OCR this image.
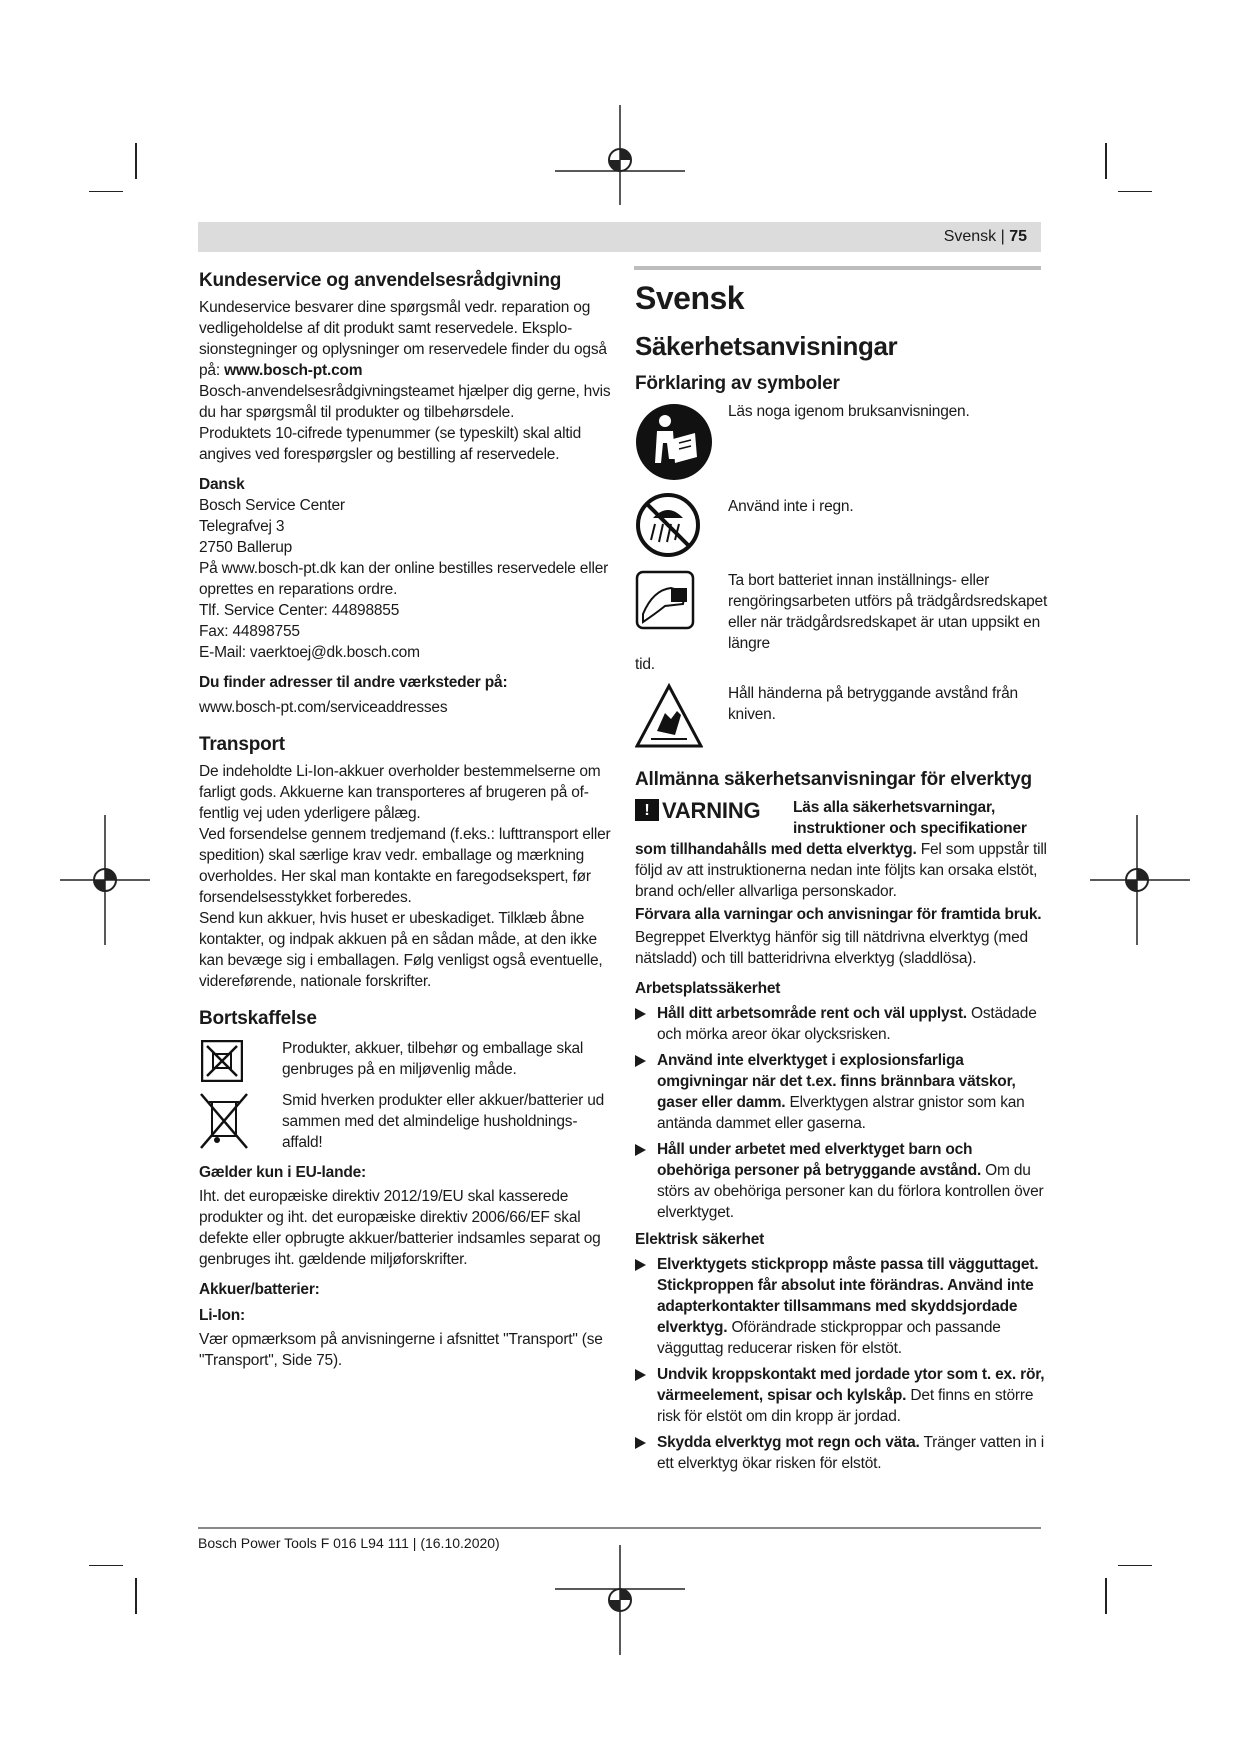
Svensk | 75

Kundeservice og anvendelsesrådgivning

Kundeservice besvarer dine spørgsmål vedr. reparation og vedligeholdelse af dit produkt samt reservedele. Eksplosionstegninger og oplysninger om reservedele finder du også på: www.bosch-pt.com

Bosch-anvendelsesrådgivningsteamet hjælper dig gerne, hvis du har spørgsmål til produkter og tilbehørsdele.

Produktets 10-cifrede typenummer (se typeskilt) skal altid angives ved forespørgsler og bestilling af reservedele.

Dansk

Bosch Service Center

Telegrafvej 3

2750 Ballerup

På www.bosch-pt.dk kan der online bestilles reservedele eller oprettes en reparations ordre.

Tlf. Service Center: 44898855

Fax: 44898755

E-Mail: vaerktoej@dk.bosch.com

Du finder adresser til andre værksteder på:

www.bosch-pt.com/serviceaddresses

Transport

De indeholdte Li-Ion-akkuer overholder bestemmelserne om farligt gods. Akkuerne kan transporteres af brugeren på offentlig vej uden yderligere pålæg.

Ved forsendelse gennem tredjemand (f.eks.: lufttransport eller spedition) skal særlige krav vedr. emballage og mærkning overholdes. Her skal man kontakte en faregodsekspert, før forsendelsesstykket forberedes.

Send kun akkuer, hvis huset er ubeskadiget. Tilklæb åbne kontakter, og indpak akkuen på en sådan måde, at den ikke kan bevæge sig i emballagen. Følg venligst også eventuelle, videreførende, nationale forskrifter.

Bortskaffelse

Produkter, akkuer, tilbehør og emballage skal genbruges på en miljøvenlig måde.

Smid hverken produkter eller akkuer/batterier ud sammen med det almindelige husholdningsaffald!

Gælder kun i EU-lande:

Iht. det europæiske direktiv 2012/19/EU skal kasserede produkter og iht. det europæiske direktiv 2006/66/EF skal defekte eller opbrugte akkuer/batterier indsamles separat og genbruges iht. gældende miljøforskrifter.

Akkuer/batterier:

Li-Ion:

Vær opmærksom på anvisningerne i afsnittet "Transport" (se "Transport", Side 75).

Svensk

Säkerhetsanvisningar

Förklaring av symboler

Läs noga igenom bruksanvisningen.

Använd inte i regn.

Ta bort batteriet innan inställnings- eller rengöringsarbeten utförs på trädgårdsredskapet eller när trädgårdsredskapet är utan uppsikt en längre

tid.

Håll händerna på betryggande avstånd från kniven.

Allmänna säkerhetsanvisningar för elverktyg

! VARNING Läs alla säkerhetsvarningar,

instruktioner och specifikationer

som tillhandahålls med detta elverktyg. Fel som uppstår till följd av att instruktionerna nedan inte följts kan orsaka elstöt, brand och/eller allvarliga personskador.

Förvara alla varningar och anvisningar för framtida bruk.

Begreppet Elverktyg hänför sig till nätdrivna elverktyg (med nätsladd) och till batteridrivna elverktyg (sladdlösa).

Arbetsplatssäkerhet

Håll ditt arbetsområde rent och väl upplyst. Ostädade och mörka areor ökar olycksrisken.

Använd inte elverktyget i explosionsfarliga omgivningar när det t.ex. finns brännbara vätskor, gaser eller damm. Elverktygen alstrar gnistor som kan antända dammet eller gaserna.

Håll under arbetet med elverktyget barn och obehöriga personer på betryggande avstånd. Om du störs av obehöriga personer kan du förlora kontrollen över elverktyget.

Elektrisk säkerhet

Elverktygets stickpropp måste passa till vägguttaget. Stickproppen får absolut inte förändras. Använd inte adapterkontakter tillsammans med skyddsjordade elverktyg. Oförändrade stickproppar och passande vägguttag reducerar risken för elstöt.

Undvik kroppskontakt med jordade ytor som t. ex. rör, värmeelement, spisar och kylskåp. Det finns en större risk för elstöt om din kropp är jordad.

Skydda elverktyg mot regn och väta. Tränger vatten in i ett elverktyg ökar risken för elstöt.

Bosch Power Tools F 016 L94 111 | (16.10.2020)
